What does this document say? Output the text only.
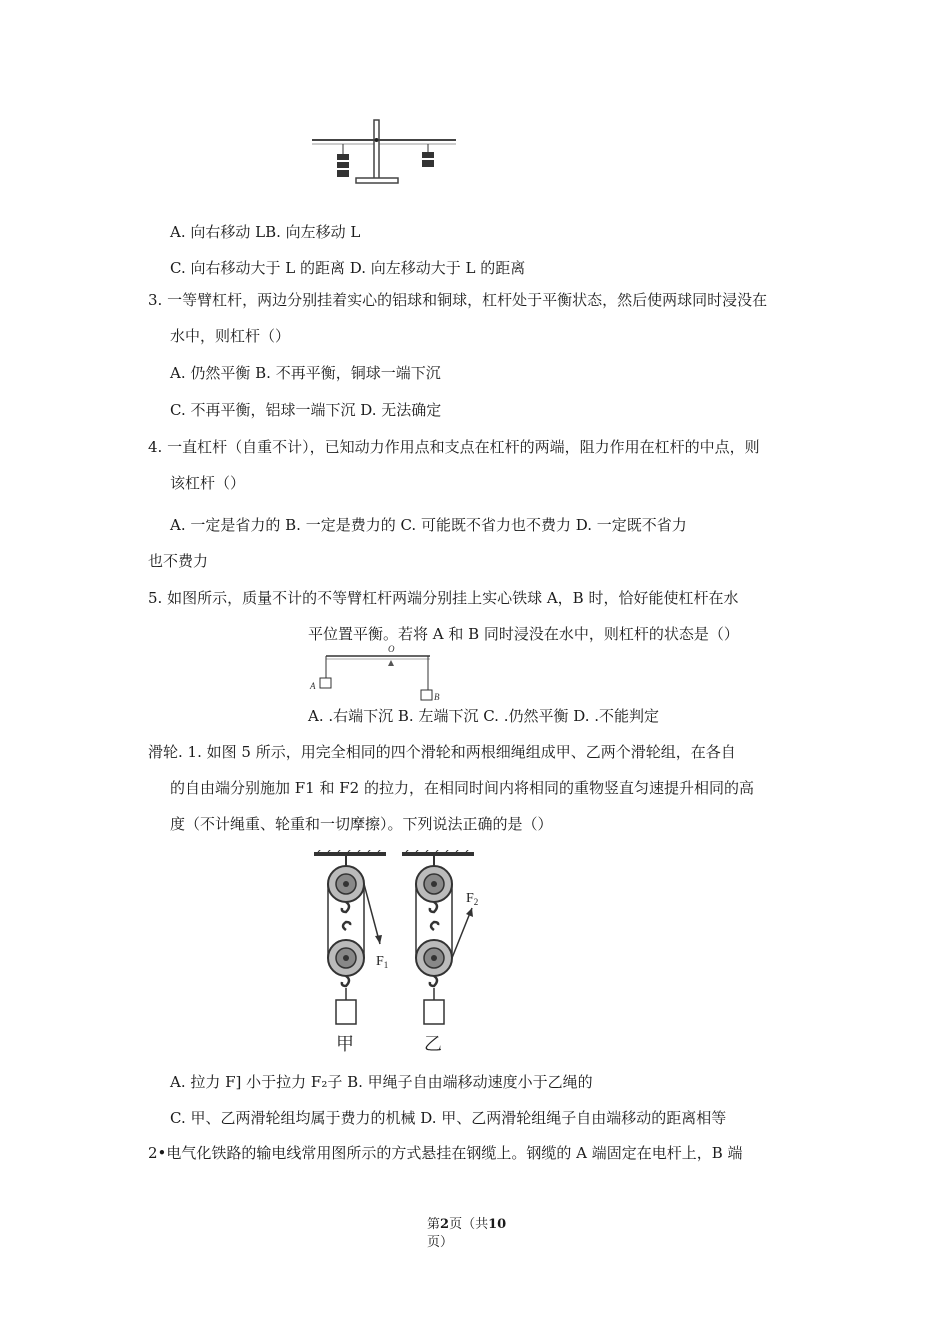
A. 向右移动 LB. 向左移动 L
C. 向右移动大于 L 的距离 D. 向左移动大于 L 的距离
3. 一等臂杠杆，两边分别挂着实心的铝球和铜球，杠杆处于平衡状态，然后使两球同时浸没在
水中，则杠杆（）
A. 仍然平衡 B. 不再平衡，铜球一端下沉
C. 不再平衡，铝球一端下沉 D. 无法确定
4. 一直杠杆（自重不计），已知动力作用点和支点在杠杆的两端，阻力作用在杠杆的中点，则
该杠杆（）
A. 一定是省力的 B. 一定是费力的 C. 可能既不省力也不费力 D. 一定既不省力
也不费力
5. 如图所示，质量不计的不等臂杠杆两端分别挂上实心铁球 A，B 时，恰好能使杠杆在水
平位置平衡。若将 A 和 B 同时浸没在水中，则杠杆的状态是（）
O
A
B
A. .右端下沉 B. 左端下沉 C. .仍然平衡 D. .不能判定
滑轮. 1. 如图 5 所示，用完全相同的四个滑轮和两根细绳组成甲、乙两个滑轮组，在各自
的自由端分别施加 F1 和 F2 的拉力，在相同时间内将相同的重物竖直匀速提升相同的高
度（不计绳重、轮重和一切摩擦）。下列说法正确的是（）
$F_1$
甲
$F_2$
乙
A. 拉力 F] 小于拉力 F₂子 B. 甲绳子自由端移动速度小于乙绳的
C. 甲、乙两滑轮组均属于费力的机械 D. 甲、乙两滑轮组绳子自由端移动的距离相等
2•电气化铁路的输电线常用图所示的方式悬挂在钢缆上。钢缆的 A 端固定在电杆上，B 端
第2页（共10
页）
